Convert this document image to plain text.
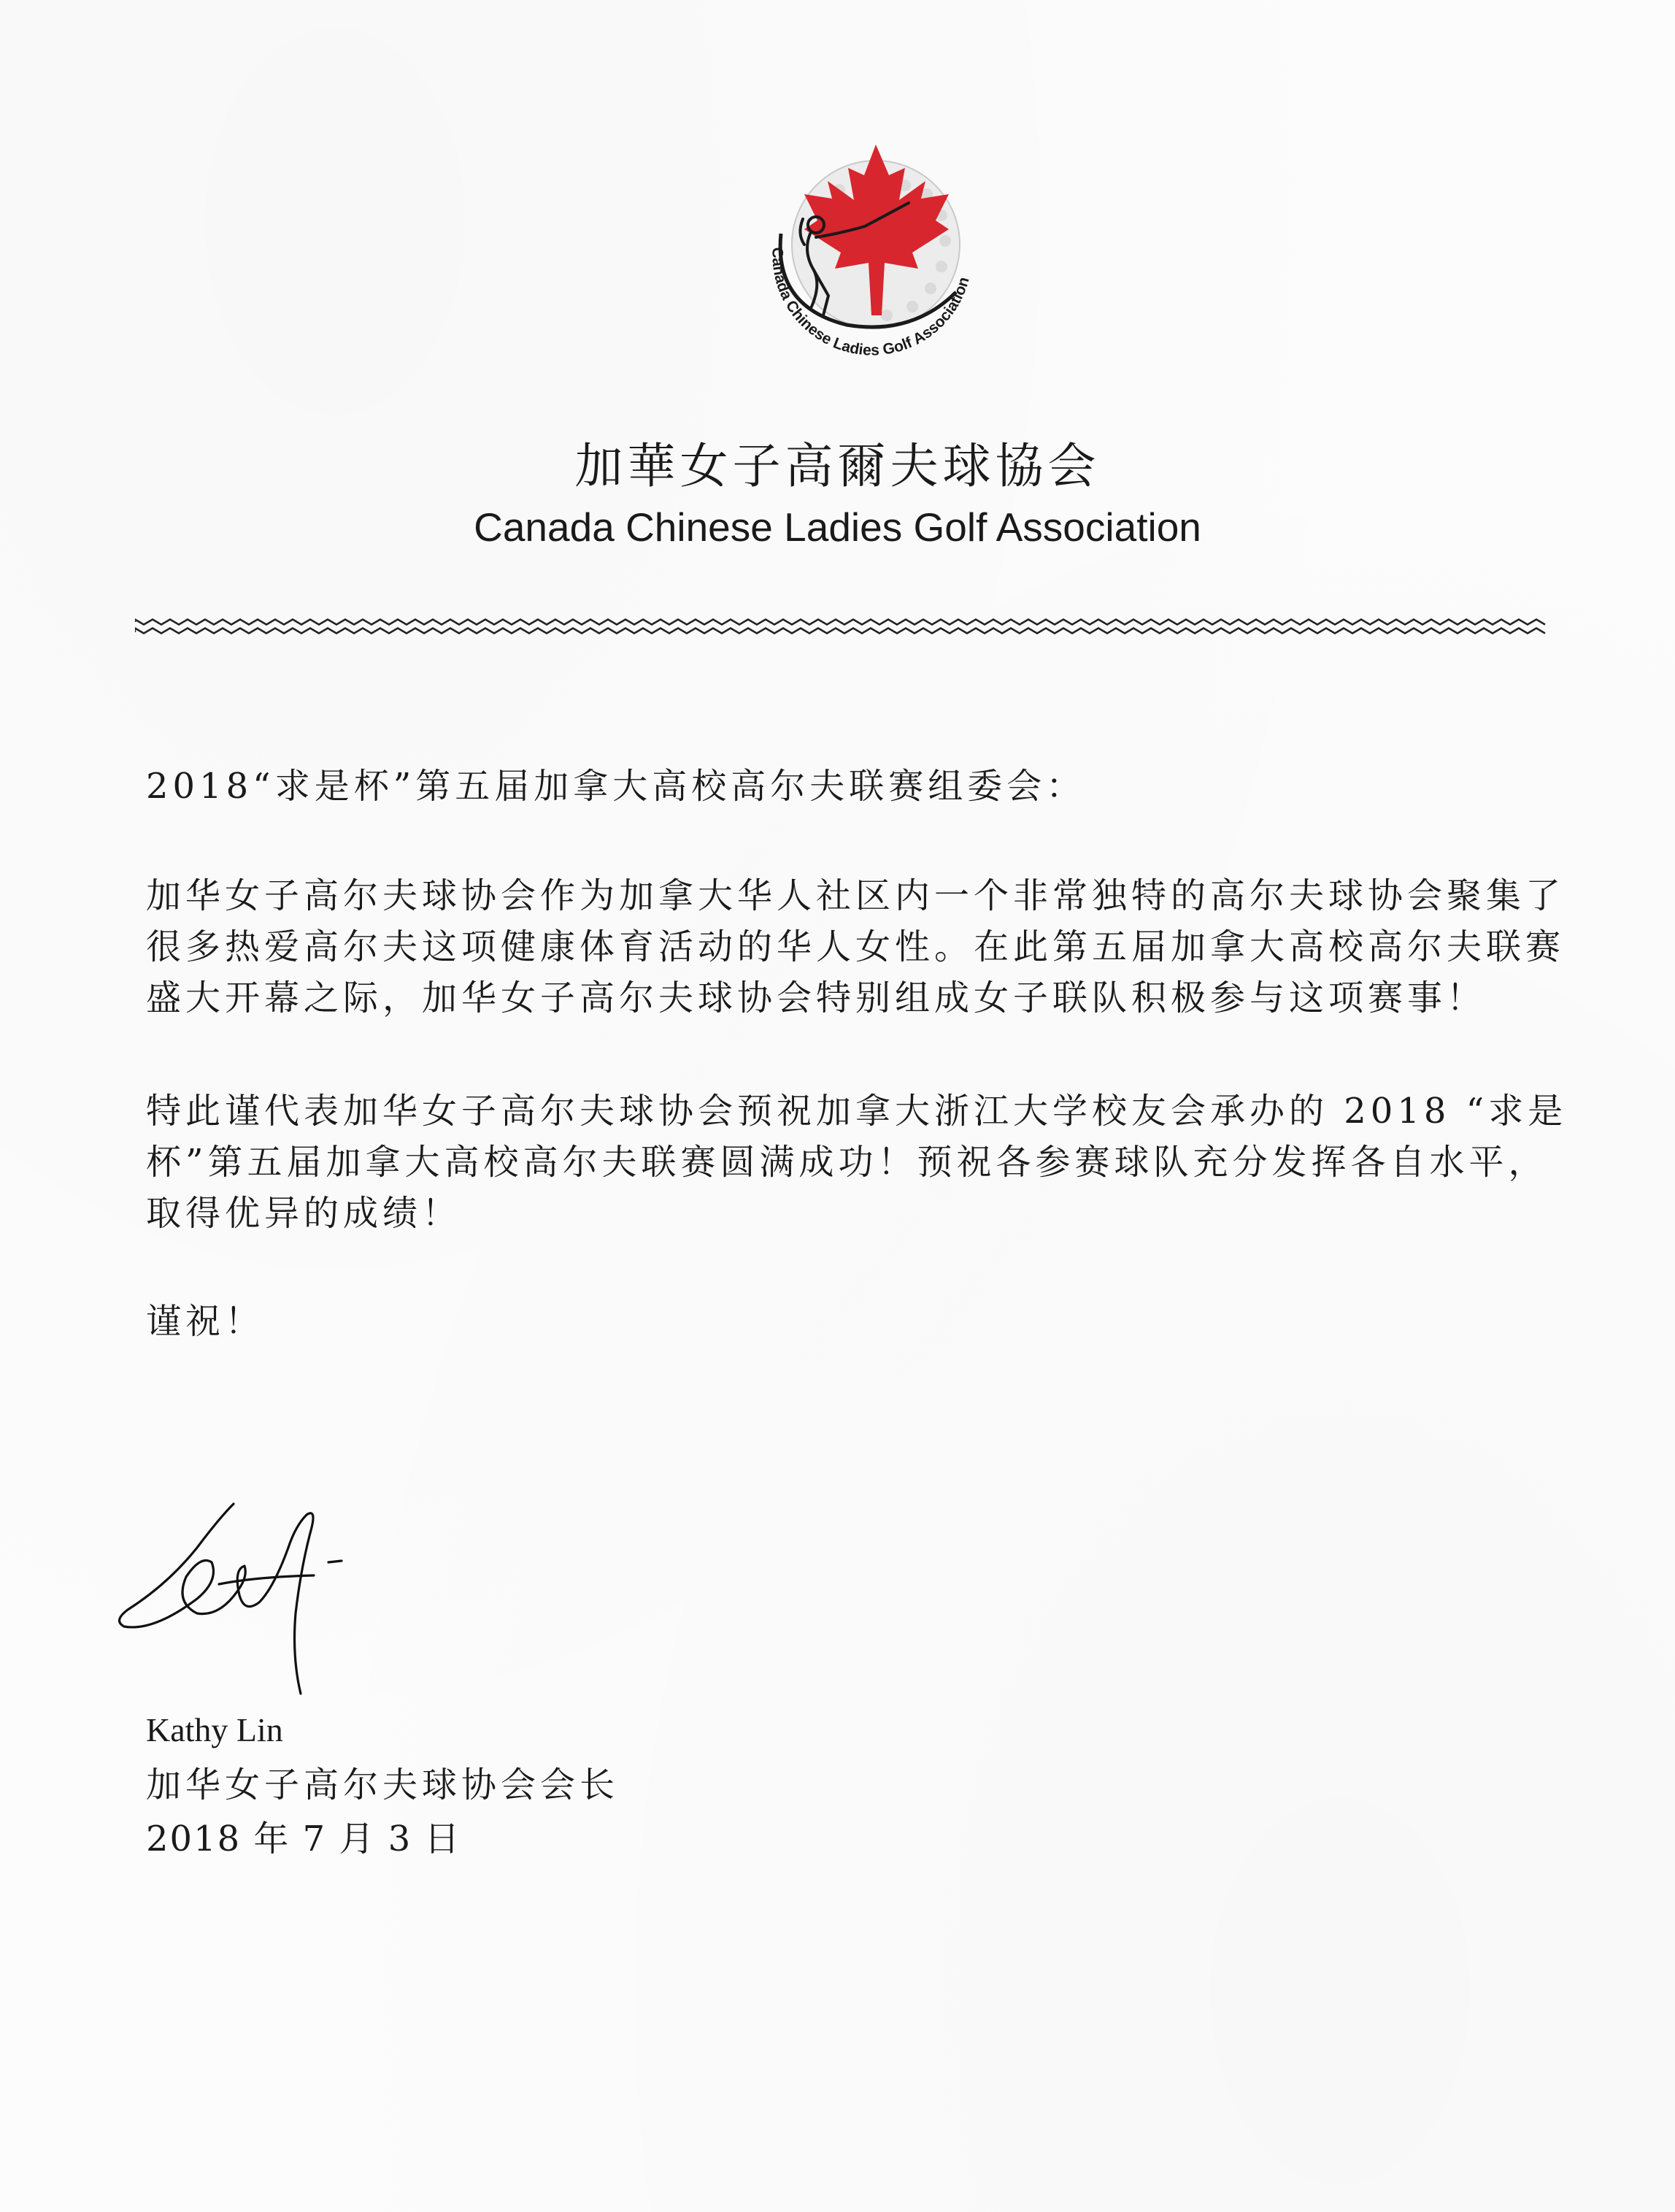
Canada Chinese Ladies Golf Association
加華女子高爾夫球協会
Canada Chinese Ladies Golf Association
2018“求是杯”第五届加拿大高校高尔夫联赛组委会：
加华女子高尔夫球协会作为加拿大华人社区内一个非常独特的高尔夫球协会聚集了
很多热爱高尔夫这项健康体育活动的华人女性。在此第五届加拿大高校高尔夫联赛
盛大开幕之际，加华女子高尔夫球协会特别组成女子联队积极参与这项赛事！
特此谨代表加华女子高尔夫球协会预祝加拿大浙江大学校友会承办的 2018 “求是
杯”第五届加拿大高校高尔夫联赛圆满成功！预祝各参赛球队充分发挥各自水平，
取得优异的成绩！
谨祝！
Kathy Lin
加华女子高尔夫球协会会长
2018 年 7 月 3 日
